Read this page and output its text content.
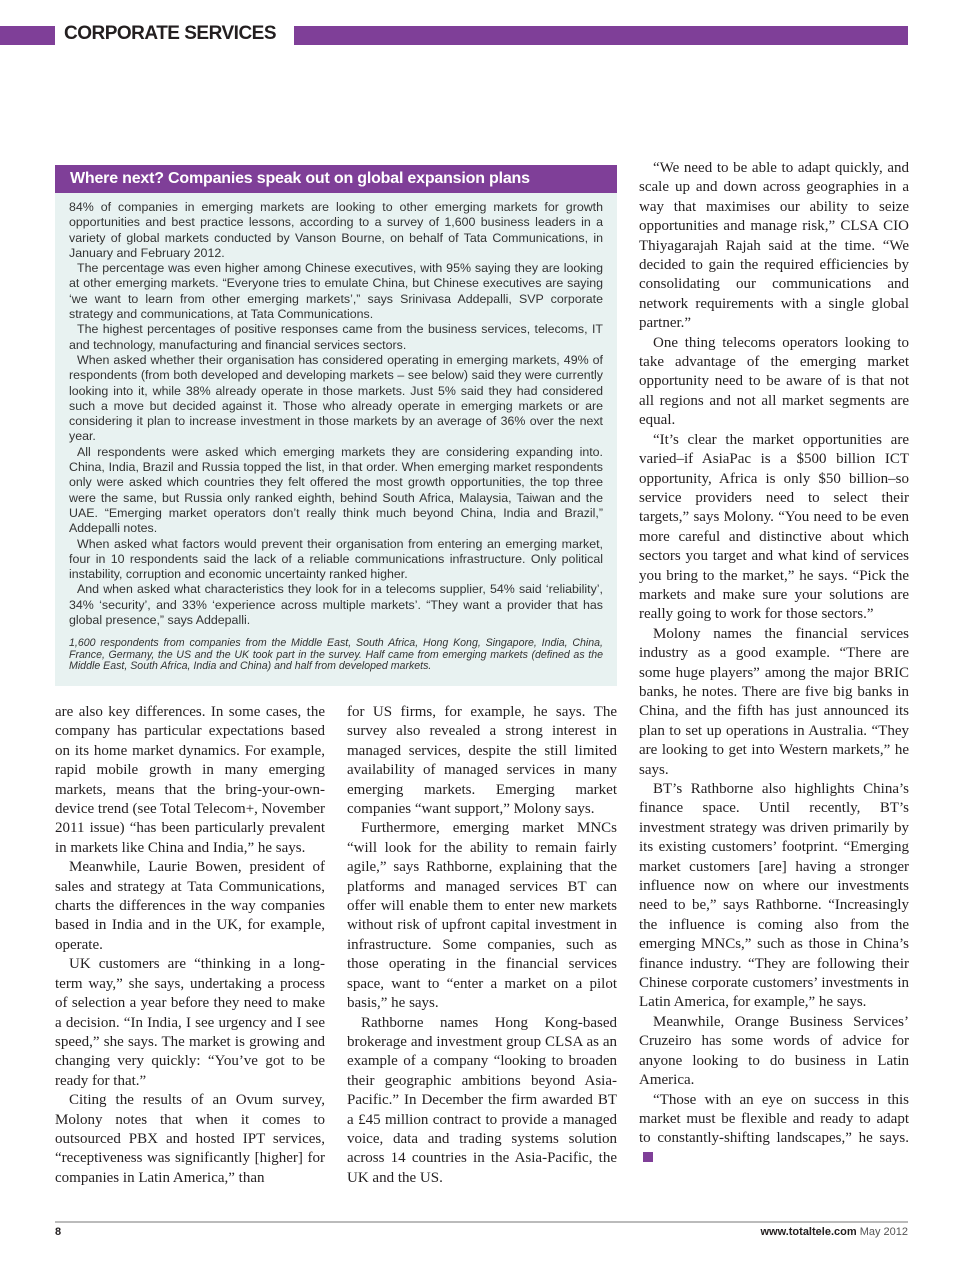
CORPORATE SERVICES
Where next? Companies speak out on global expansion plans

84% of companies in emerging markets are looking to other emerging markets for growth opportunities and best practice lessons, according to a survey of 1,600 business leaders in a variety of global markets conducted by Vanson Bourne, on behalf of Tata Communications, in January and February 2012.

The percentage was even higher among Chinese executives, with 95% saying they are looking at other emerging markets. “Everyone tries to emulate China, but Chinese executives are saying ‘we want to learn from other emerging markets’,” says Srinivasa Addepalli, SVP corporate strategy and communications, at Tata Communications.

The highest percentages of positive responses came from the business services, telecoms, IT and technology, manufacturing and financial services sectors.

When asked whether their organisation has considered operating in emerging markets, 49% of respondents (from both developed and developing markets – see below) said they were currently looking into it, while 38% already operate in those markets. Just 5% said they had considered such a move but decided against it. Those who already operate in emerging markets or are considering it plan to increase investment in those markets by an average of 36% over the next year.

All respondents were asked which emerging markets they are considering expanding into. China, India, Brazil and Russia topped the list, in that order. When emerging market respondents only were asked which countries they felt offered the most growth opportunities, the top three were the same, but Russia only ranked eighth, behind South Africa, Malaysia, Taiwan and the UAE. “Emerging market operators don’t really think much beyond China, India and Brazil,” Addepalli notes.

When asked what factors would prevent their organisation from entering an emerging market, four in 10 respondents said the lack of a reliable communications infrastructure. Only political instability, corruption and economic uncertainty ranked higher.

And when asked what characteristics they look for in a telecoms supplier, 54% said ‘reliability’, 34% ‘security’, and 33% ‘experience across multiple markets’. “They want a provider that has global presence,” says Addepalli.

1,600 respondents from companies from the Middle East, South Africa, Hong Kong, Singapore, India, China, France, Germany, the US and the UK took part in the survey. Half came from emerging markets (defined as the Middle East, South Africa, India and China) and half from developed markets.

are also key differences. In some cases, the company has particular expectations based on its home market dynamics. For example, rapid mobile growth in many emerging markets, means that the bring-your-own-device trend (see Total Telecom+, November 2011 issue) “has been particularly prevalent in markets like China and India,” he says.

Meanwhile, Laurie Bowen, president of sales and strategy at Tata Communications, charts the differences in the way companies based in India and in the UK, for example, operate.

UK customers are “thinking in a long-term way,” she says, undertaking a process of selection a year before they need to make a decision. “In India, I see urgency and I see speed,” she says. The market is growing and changing very quickly: “You’ve got to be ready for that.”

Citing the results of an Ovum survey, Molony notes that when it comes to outsourced PBX and hosted IPT services, “receptiveness was significantly [higher] for companies in Latin America,” than

for US firms, for example, he says. The survey also revealed a strong interest in managed services, despite the still limited availability of managed services in many emerging markets. Emerging market companies “want support,” Molony says.

Furthermore, emerging market MNCs “will look for the ability to remain fairly agile,” says Rathborne, explaining that the platforms and managed services BT can offer will enable them to enter new markets without risk of upfront capital investment in infrastructure. Some companies, such as those operating in the financial services space, want to “enter a market on a pilot basis,” he says.

Rathborne names Hong Kong-based brokerage and investment group CLSA as an example of a company “looking to broaden their geographic ambitions beyond Asia-Pacific.” In December the firm awarded BT a £45 million contract to provide a managed voice, data and trading systems solution across 14 countries in the Asia-Pacific, the UK and the US.

“We need to be able to adapt quickly, and scale up and down across geographies in a way that maximises our ability to seize opportunities and manage risk,” CLSA CIO Thiyagarajah Rajah said at the time. “We decided to gain the required efficiencies by consolidating our communications and network requirements with a single global partner.”

One thing telecoms operators looking to take advantage of the emerging market opportunity need to be aware of is that not all regions and not all market segments are equal.

“It’s clear the market opportunities are varied–if AsiaPac is a $500 billion ICT opportunity, Africa is only $50 billion–so service providers need to select their targets,” says Molony. “You need to be even more careful and distinctive about which sectors you target and what kind of services you bring to the market,” he says. “Pick the markets and make sure your solutions are really going to work for those sectors.”

Molony names the financial services industry as a good example. “There are some huge players” among the major BRIC banks, he notes. There are five big banks in China, and the fifth has just announced its plan to set up operations in Australia. “They are looking to get into Western markets,” he says.

BT’s Rathborne also highlights China’s finance space. Until recently, BT’s investment strategy was driven primarily by its existing customers’ footprint. “Emerging market customers [are] having a stronger influence now on where our investments need to be,” says Rathborne. “Increasingly the influence is coming also from the emerging MNCs,” such as those in China’s finance industry. “They are following their Chinese corporate customers’ investments in Latin America, for example,” he says.

Meanwhile, Orange Business Services’ Cruzeiro has some words of advice for anyone looking to do business in Latin America.

“Those with an eye on success in this market must be flexible and ready to adapt to constantly-shifting landscapes,” he says.

8	www.totaltele.com May 2012
